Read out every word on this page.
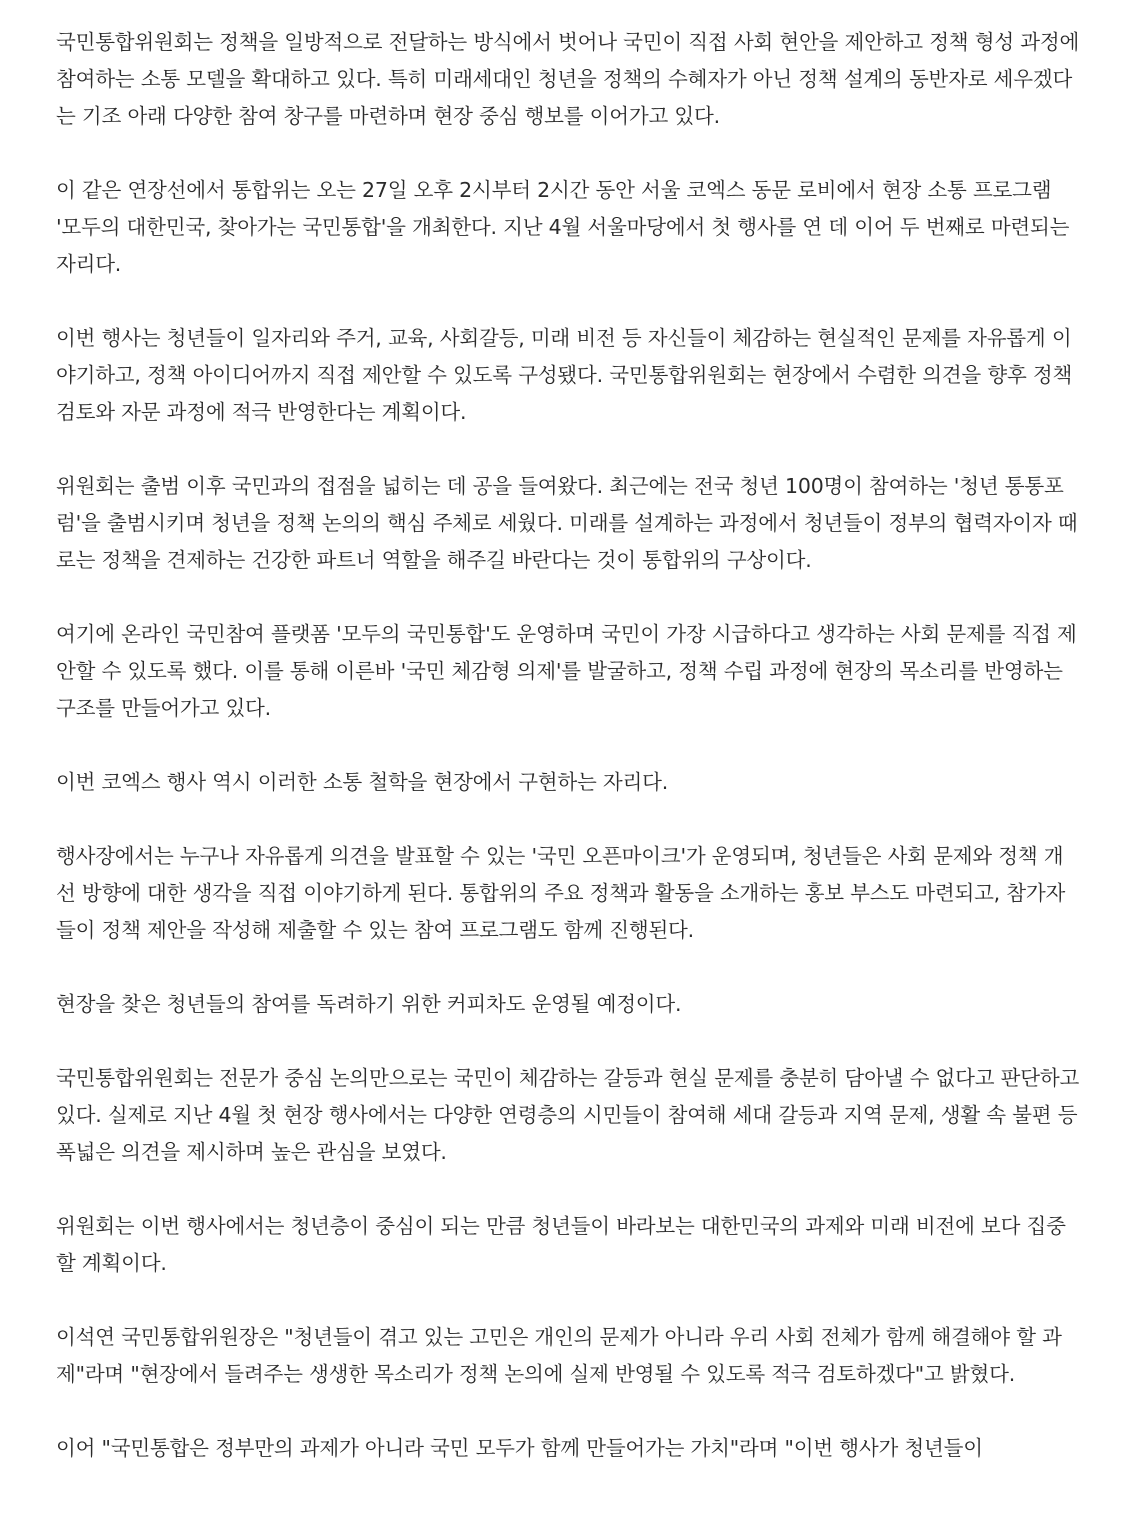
국민통합위원회는 정책을 일방적으로 전달하는 방식에서 벗어나 국민이 직접 사회 현안을 제안하고 정책 형성 과정에 참여하는 소통 모델을 확대하고 있다. 특히 미래세대인 청년을 정책의 수혜자가 아닌 정책 설계의 동반자로 세우겠다는 기조 아래 다양한 참여 창구를 마련하며 현장 중심 행보를 이어가고 있다.

이 같은 연장선에서 통합위는 오는 27일 오후 2시부터 2시간 동안 서울 코엑스 동문 로비에서 현장 소통 프로그램 '모두의 대한민국, 찾아가는 국민통합'을 개최한다. 지난 4월 서울마당에서 첫 행사를 연 데 이어 두 번째로 마련되는 자리다.

이번 행사는 청년들이 일자리와 주거, 교육, 사회갈등, 미래 비전 등 자신들이 체감하는 현실적인 문제를 자유롭게 이야기하고, 정책 아이디어까지 직접 제안할 수 있도록 구성됐다. 국민통합위원회는 현장에서 수렴한 의견을 향후 정책 검토와 자문 과정에 적극 반영한다는 계획이다.

위원회는 출범 이후 국민과의 접점을 넓히는 데 공을 들여왔다. 최근에는 전국 청년 100명이 참여하는 '청년 통통포럼'을 출범시키며 청년을 정책 논의의 핵심 주체로 세웠다. 미래를 설계하는 과정에서 청년들이 정부의 협력자이자 때로는 정책을 견제하는 건강한 파트너 역할을 해주길 바란다는 것이 통합위의 구상이다.

여기에 온라인 국민참여 플랫폼 '모두의 국민통합'도 운영하며 국민이 가장 시급하다고 생각하는 사회 문제를 직접 제안할 수 있도록 했다. 이를 통해 이른바 '국민 체감형 의제'를 발굴하고, 정책 수립 과정에 현장의 목소리를 반영하는 구조를 만들어가고 있다.

이번 코엑스 행사 역시 이러한 소통 철학을 현장에서 구현하는 자리다.

행사장에서는 누구나 자유롭게 의견을 발표할 수 있는 '국민 오픈마이크'가 운영되며, 청년들은 사회 문제와 정책 개선 방향에 대한 생각을 직접 이야기하게 된다. 통합위의 주요 정책과 활동을 소개하는 홍보 부스도 마련되고, 참가자들이 정책 제안을 작성해 제출할 수 있는 참여 프로그램도 함께 진행된다.

현장을 찾은 청년들의 참여를 독려하기 위한 커피차도 운영될 예정이다.

국민통합위원회는 전문가 중심 논의만으로는 국민이 체감하는 갈등과 현실 문제를 충분히 담아낼 수 없다고 판단하고 있다. 실제로 지난 4월 첫 현장 행사에서는 다양한 연령층의 시민들이 참여해 세대 갈등과 지역 문제, 생활 속 불편 등 폭넓은 의견을 제시하며 높은 관심을 보였다.

위원회는 이번 행사에서는 청년층이 중심이 되는 만큼 청년들이 바라보는 대한민국의 과제와 미래 비전에 보다 집중할 계획이다.

이석연 국민통합위원장은 "청년들이 겪고 있는 고민은 개인의 문제가 아니라 우리 사회 전체가 함께 해결해야 할 과제"라며 "현장에서 들려주는 생생한 목소리가 정책 논의에 실제 반영될 수 있도록 적극 검토하겠다"고 밝혔다.

이어 "국민통합은 정부만의 과제가 아니라 국민 모두가 함께 만들어가는 가치"라며 "이번 행사가 청년들이
